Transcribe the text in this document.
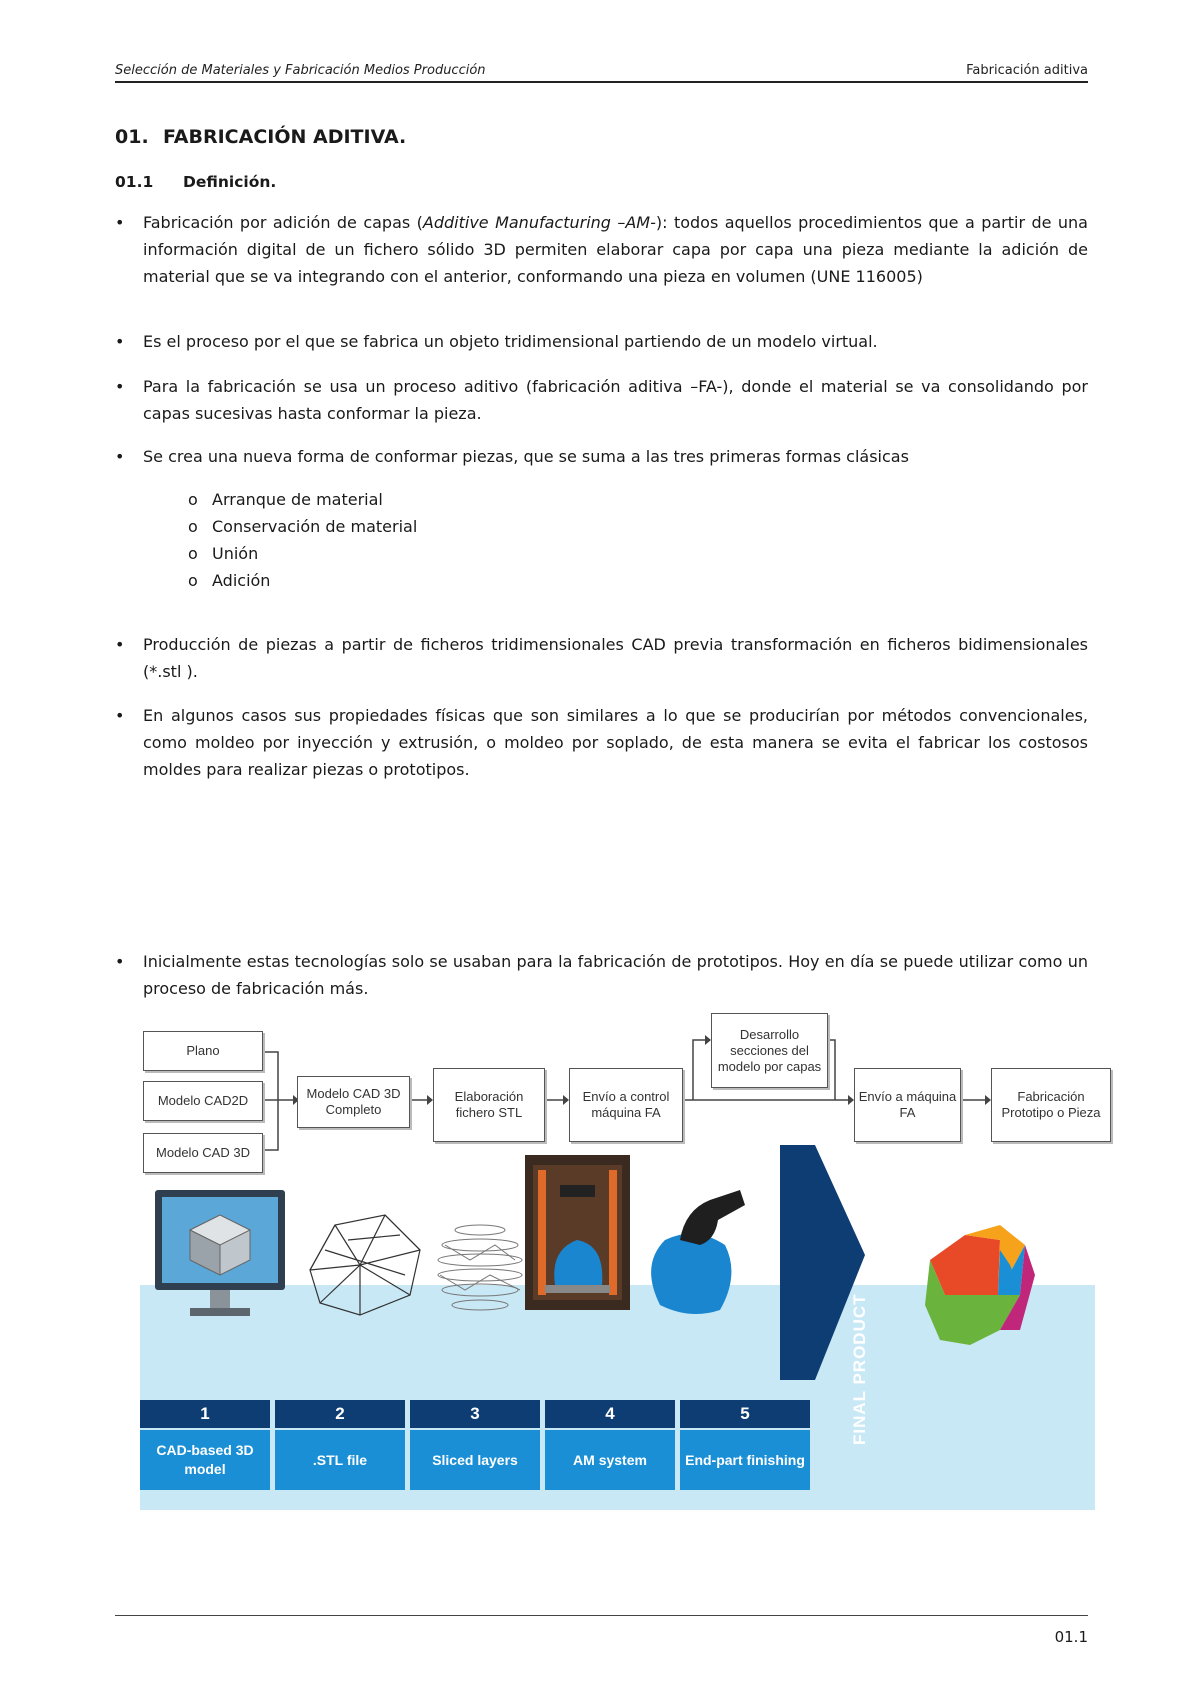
Selección de Materiales y Fabricación Medios Producción	Fabricación aditiva
01. FABRICACIÓN ADITIVA.
01.1 Definición.
•	Fabricación por adición de capas (Additive Manufacturing –AM-): todos aquellos procedimientos que a partir de una información digital de un fichero sólido 3D permiten elaborar capa por capa una pieza mediante la adición de material que se va integrando con el anterior, conformando una pieza en volumen (UNE 116005)
•	Es el proceso por el que se fabrica un objeto tridimensional partiendo de un modelo virtual.
•	Para la fabricación se usa un proceso aditivo (fabricación aditiva –FA-), donde el material se va consolidando por capas sucesivas hasta conformar la pieza.
•	Se crea una nueva forma de conformar piezas, que se suma a las tres primeras formas clásicas
o Arranque de material
o Conservación de material
o Unión
o Adición
•	Producción de piezas a partir de ficheros tridimensionales CAD previa transformación en ficheros bidimensionales (*.stl ).
•	En algunos casos sus propiedades físicas que son similares a lo que se producirían por métodos convencionales, como moldeo por inyección y extrusión, o moldeo por soplado, de esta manera se evita el fabricar los costosos moldes para realizar piezas o prototipos.
•	Inicialmente estas tecnologías solo se usaban para la fabricación de prototipos. Hoy en día se puede utilizar como un proceso de fabricación más.
Plano
Modelo CAD2D
Modelo CAD 3D
Modelo CAD 3D Completo
Elaboración fichero STL
Envío a control máquina FA
Desarrollo secciones del modelo por capas
Envío a máquina FA
Fabricación Prototipo o Pieza
1	2	3	4	5
CAD-based 3D model
.STL file	Sliced layers	AM system	End-part finishing
FINAL PRODUCT
01.1
